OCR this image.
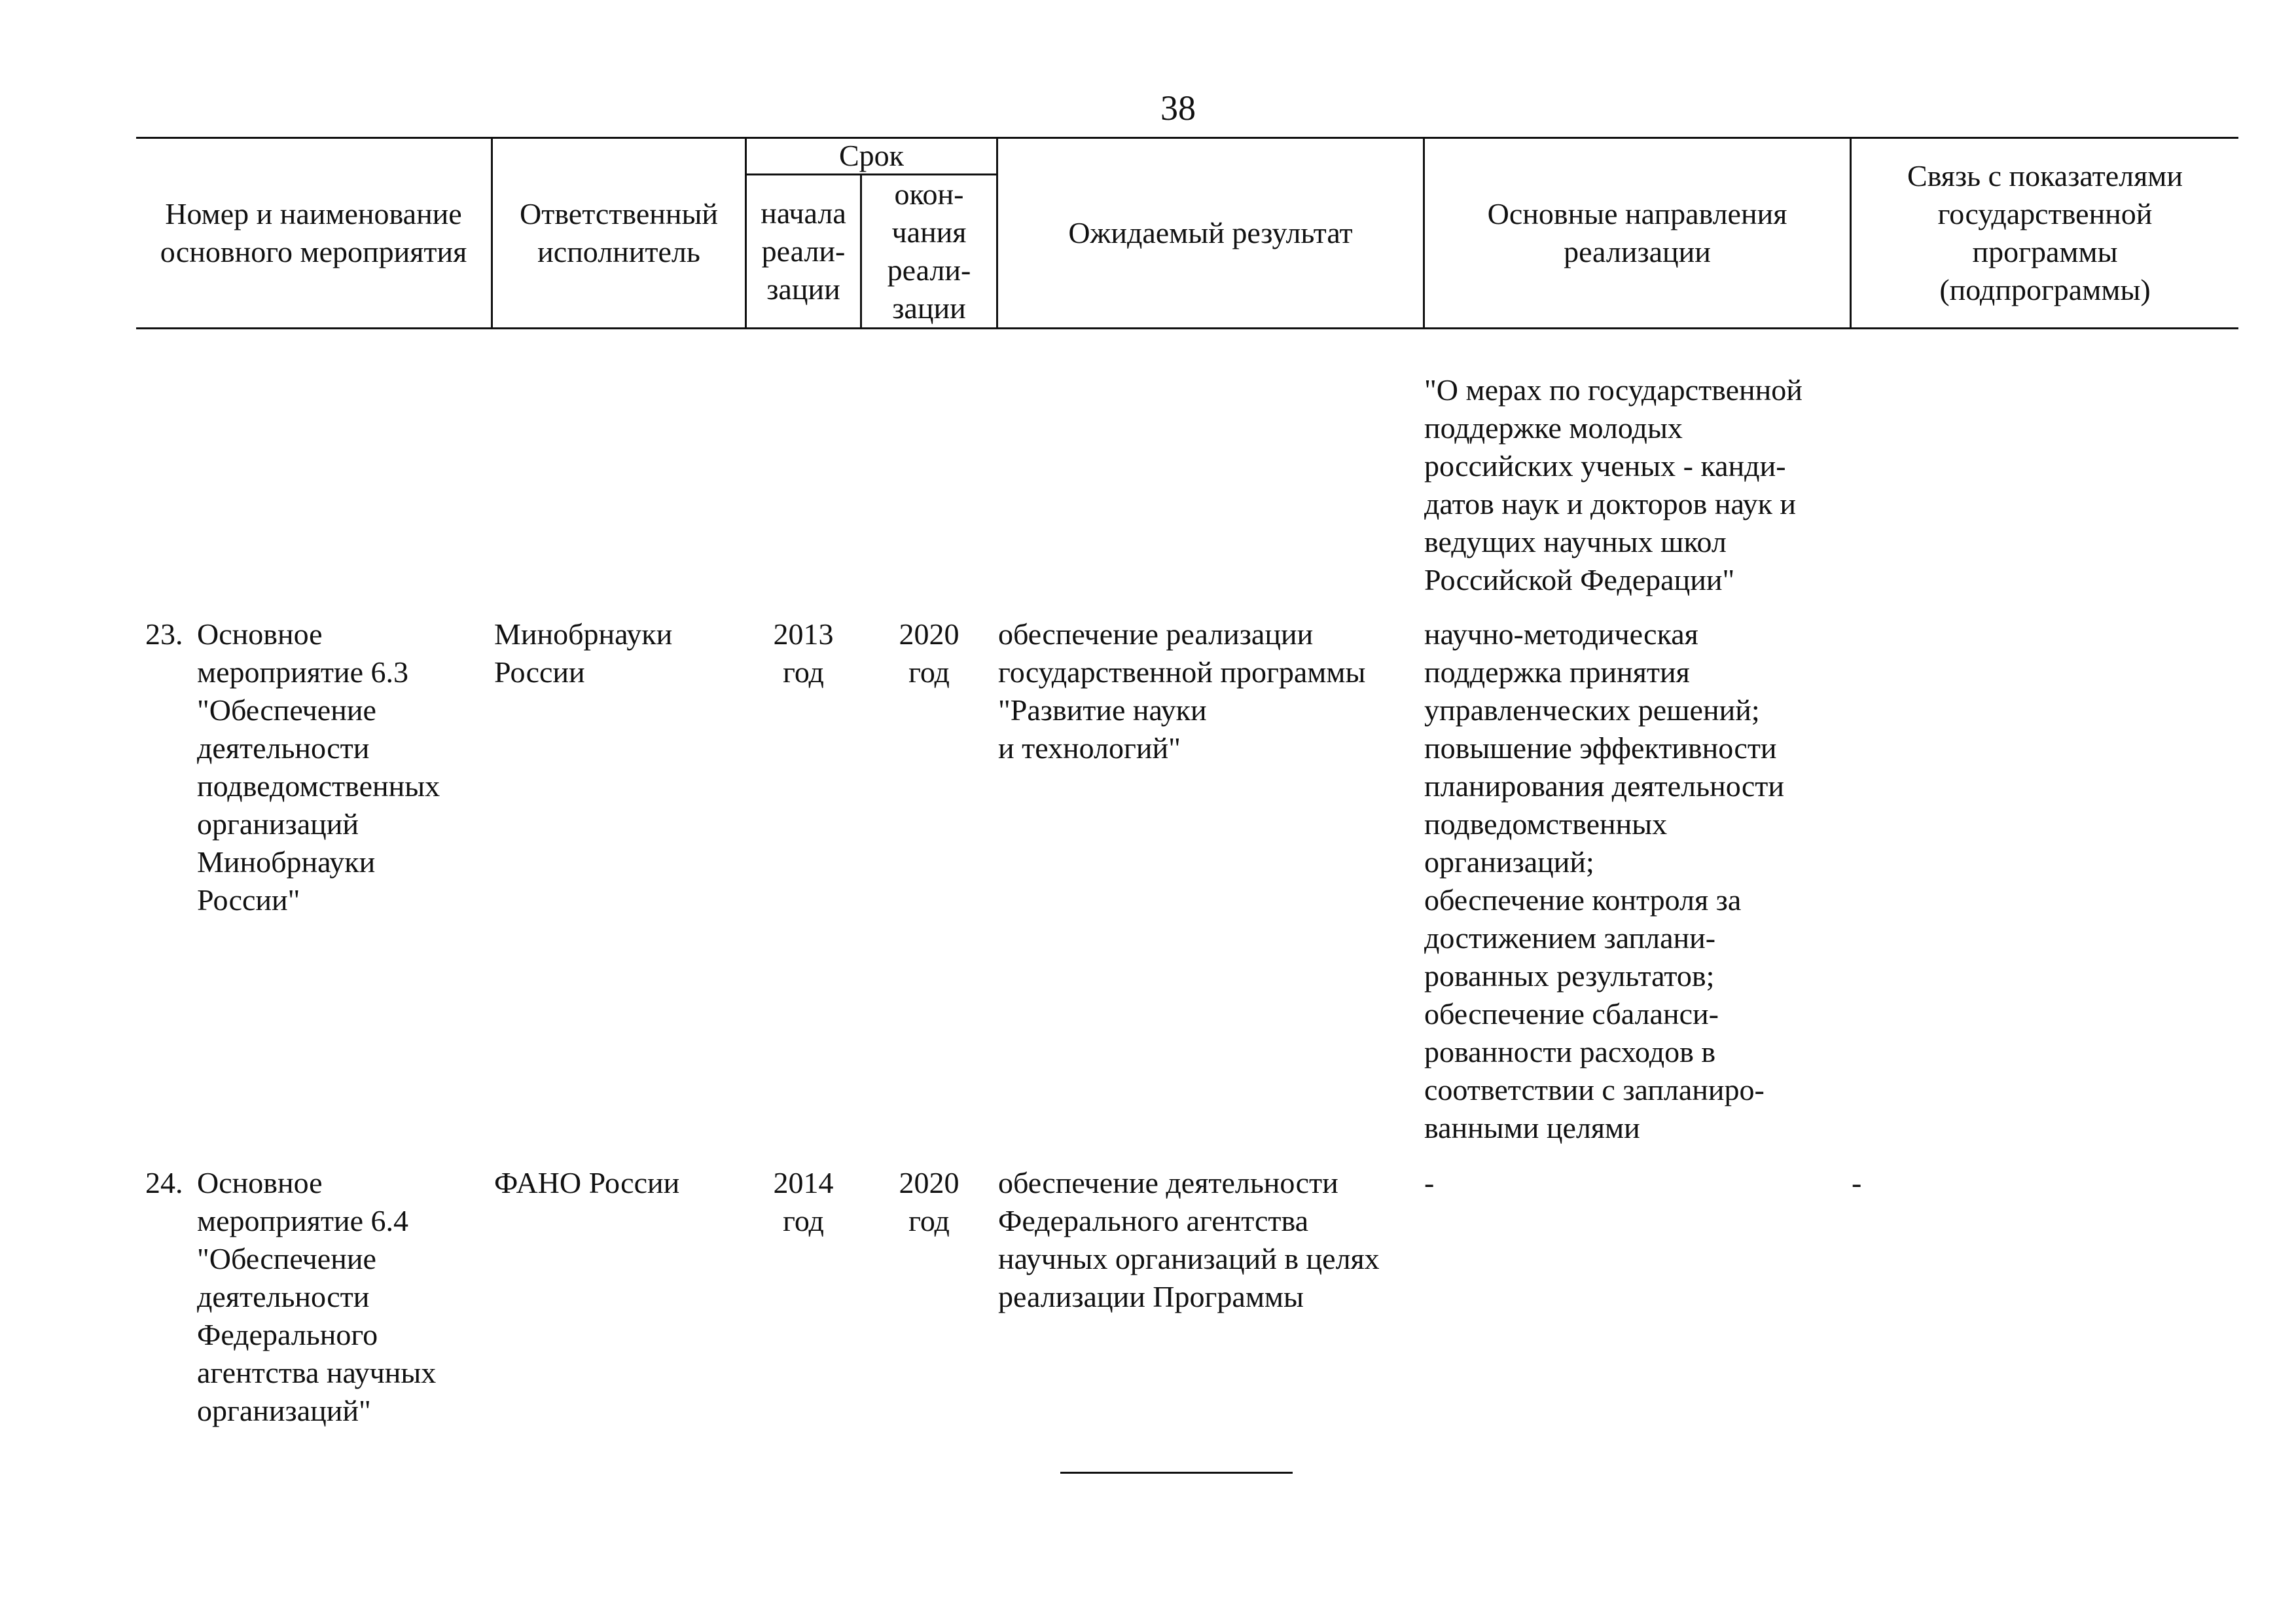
38
Номер и наименование
основного мероприятия
Ответственный
исполнитель
Срок
начала
реали-
зации
окон-
чания
реали-
зации
Ожидаемый результат
Основные направления
реализации
Связь с показателями
государственной
программы
(подпрограммы)
"О мерах по государственной
поддержке молодых
российских ученых - канди-
датов наук и докторов наук и
ведущих научных школ
Российской Федерации"
23. Основное
мероприятие 6.3
"Обеспечение
деятельности
подведомственных
организаций
Минобрнауки
России"
Минобрнауки
России
2013
год
2020
год
обеспечение реализации
государственной программы
"Развитие науки
и технологий"
научно-методическая
поддержка принятия
управленческих решений;
повышение эффективности
планирования деятельности
подведомственных
организаций;
обеспечение контроля за
достижением заплани-
рованных результатов;
обеспечение сбаланси-
рованности расходов в
соответствии с запланиро-
ванными целями
24. Основное
мероприятие 6.4
"Обеспечение
деятельности
Федерального
агентства научных
организаций"
ФАНО России	2014
год
2020
год
обеспечение деятельности
Федерального агентства
научных организаций в целях
реализации Программы
-	-
